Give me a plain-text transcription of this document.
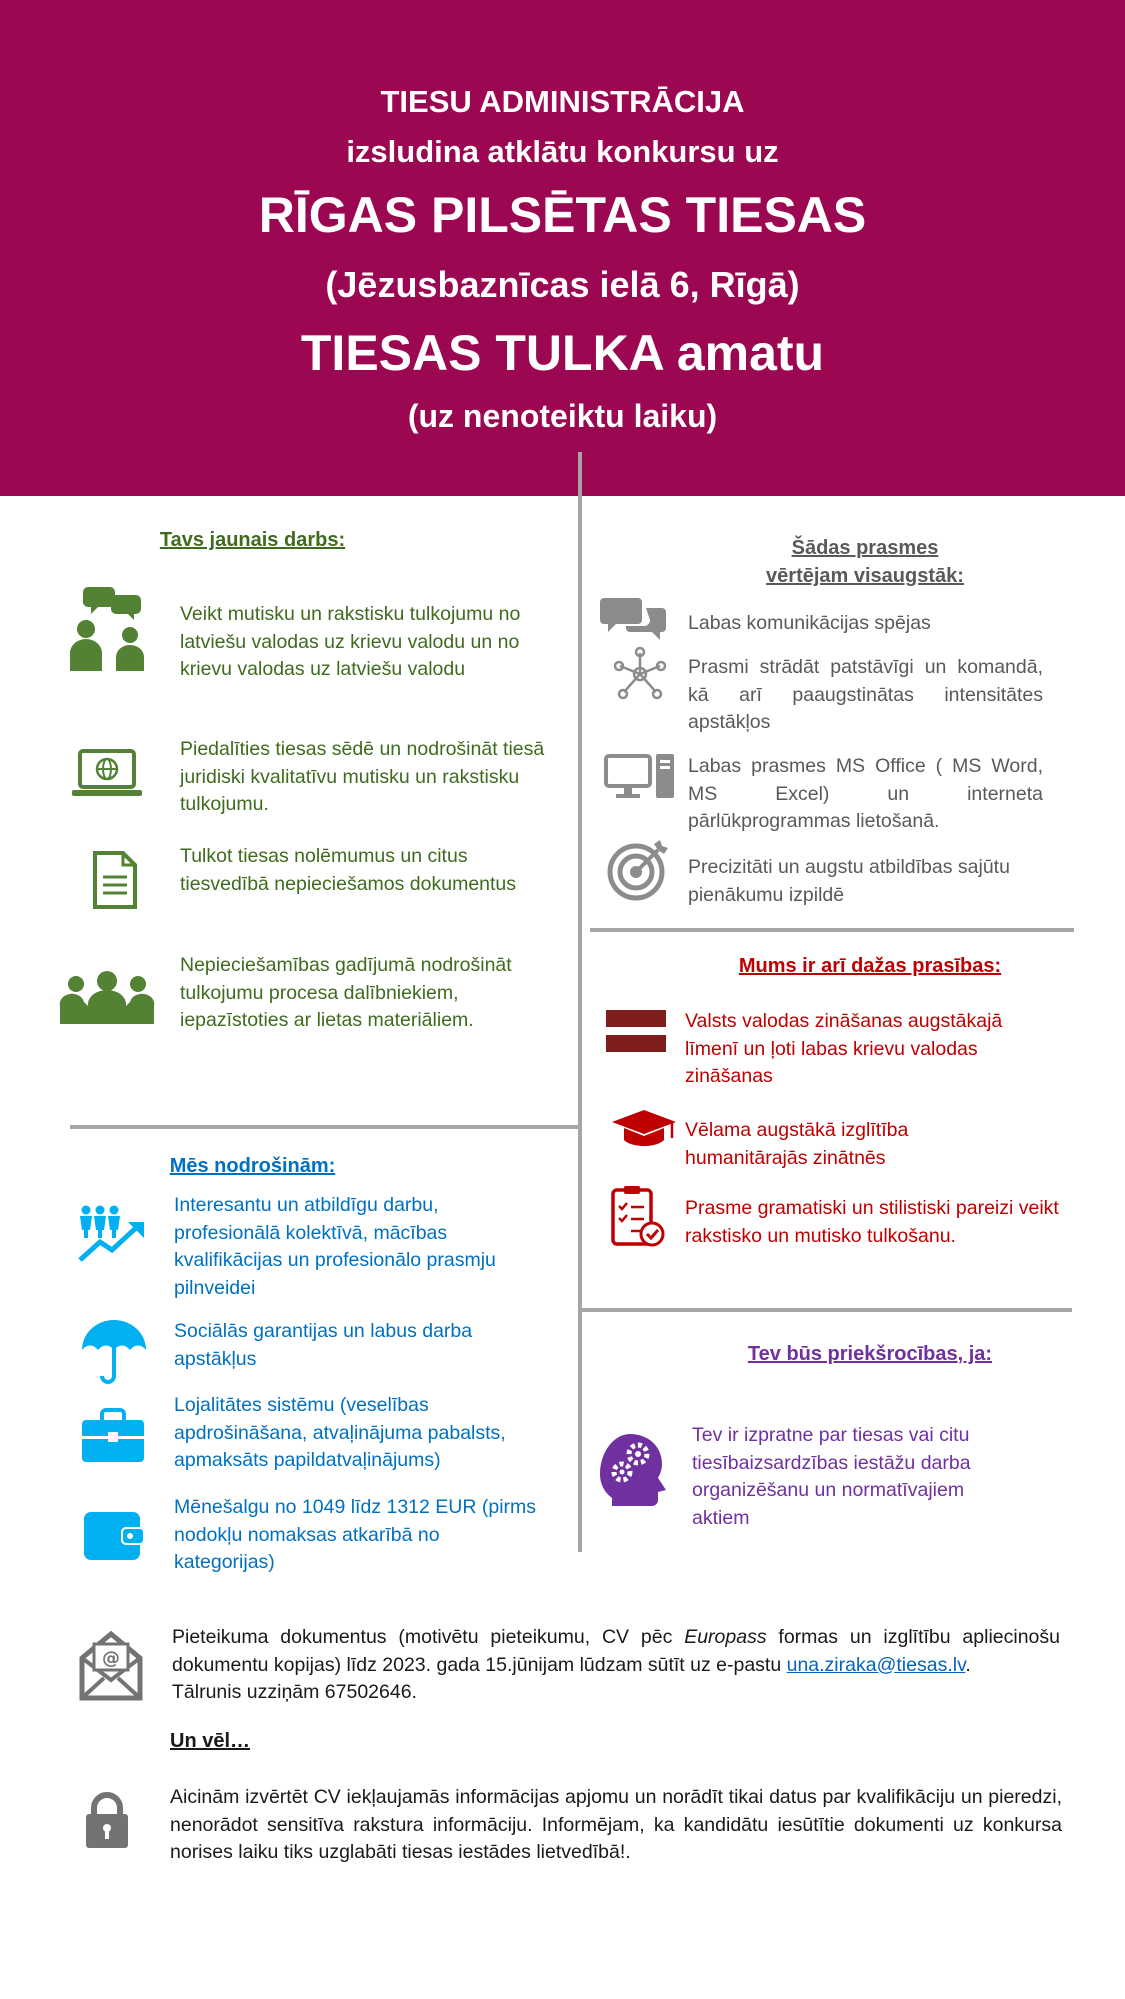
TIESU ADMINISTRĀCIJA
izsludina atklātu konkursu uz
RĪGAS PILSĒTAS TIESAS
(Jēzusbaznīcas ielā 6, Rīgā)
TIESAS TULKA amatu
(uz nenoteiktu laiku)
Tavs jaunais darbs:
Veikt mutisku un rakstisku tulkojumu no latviešu valodas uz krievu valodu un no krievu valodas uz latviešu valodu
Piedalīties tiesas sēdē un nodrošināt tiesā juridiski kvalitatīvu mutisku un rakstisku tulkojumu.
Tulkot tiesas nolēmumus un citus tiesvedībā nepieciešamos dokumentus
Nepieciešamības gadījumā nodrošināt tulkojumu procesa dalībniekiem, iepazīstoties ar lietas materiāliem.
Šādas prasmes
vērtējam visaugstāk:
Labas komunikācijas spējas
Prasmi strādāt patstāvīgi un komandā, kā arī paaugstinātas intensitātes apstākļos
Labas prasmes MS Office ( MS Word, MS Excel) un interneta pārlūkprogrammas lietošanā.
Precizitāti un augstu atbildības sajūtu pienākumu izpildē
Mums ir arī dažas prasības:
Valsts valodas zināšanas augstākajā līmenī un ļoti labas krievu valodas zināšanas
Vēlama augstākā izglītība humanitārajās zinātnēs
Prasme gramatiski un stilistiski pareizi veikt rakstisko un mutisko tulkošanu.
Mēs nodrošinām:
Interesantu un atbildīgu darbu, profesionālā kolektīvā, mācības kvalifikācijas un profesionālo prasmju pilnveidei
Sociālās garantijas un labus darba apstākļus
Lojalitātes sistēmu (veselības apdrošināšana, atvaļinājuma pabalsts, apmaksāts papildatvaļinājums)
Mēnešalgu no 1049 līdz 1312 EUR (pirms nodokļu nomaksas atkarībā no kategorijas)
Tev būs priekšrocības, ja:
Tev ir izpratne par tiesas vai citu tiesībaizsardzības iestāžu darba organizēšanu un normatīvajiem aktiem
@
Pieteikuma dokumentus (motivētu pieteikumu, CV pēc Europass formas un izglītību apliecinošu dokumentu kopijas) līdz 2023. gada 15.jūnijam lūdzam sūtīt uz e-pastu una.ziraka@tiesas.lv.
Tālrunis uzziņām 67502646.
Un vēl…
Aicinām izvērtēt CV iekļaujamās informācijas apjomu un norādīt tikai datus par kvalifikāciju un pieredzi, nenorādot sensitīva rakstura informāciju. Informējam, ka kandidātu iesūtītie dokumenti uz konkursa norises laiku tiks uzglabāti tiesas iestādes lietvedībā!.
